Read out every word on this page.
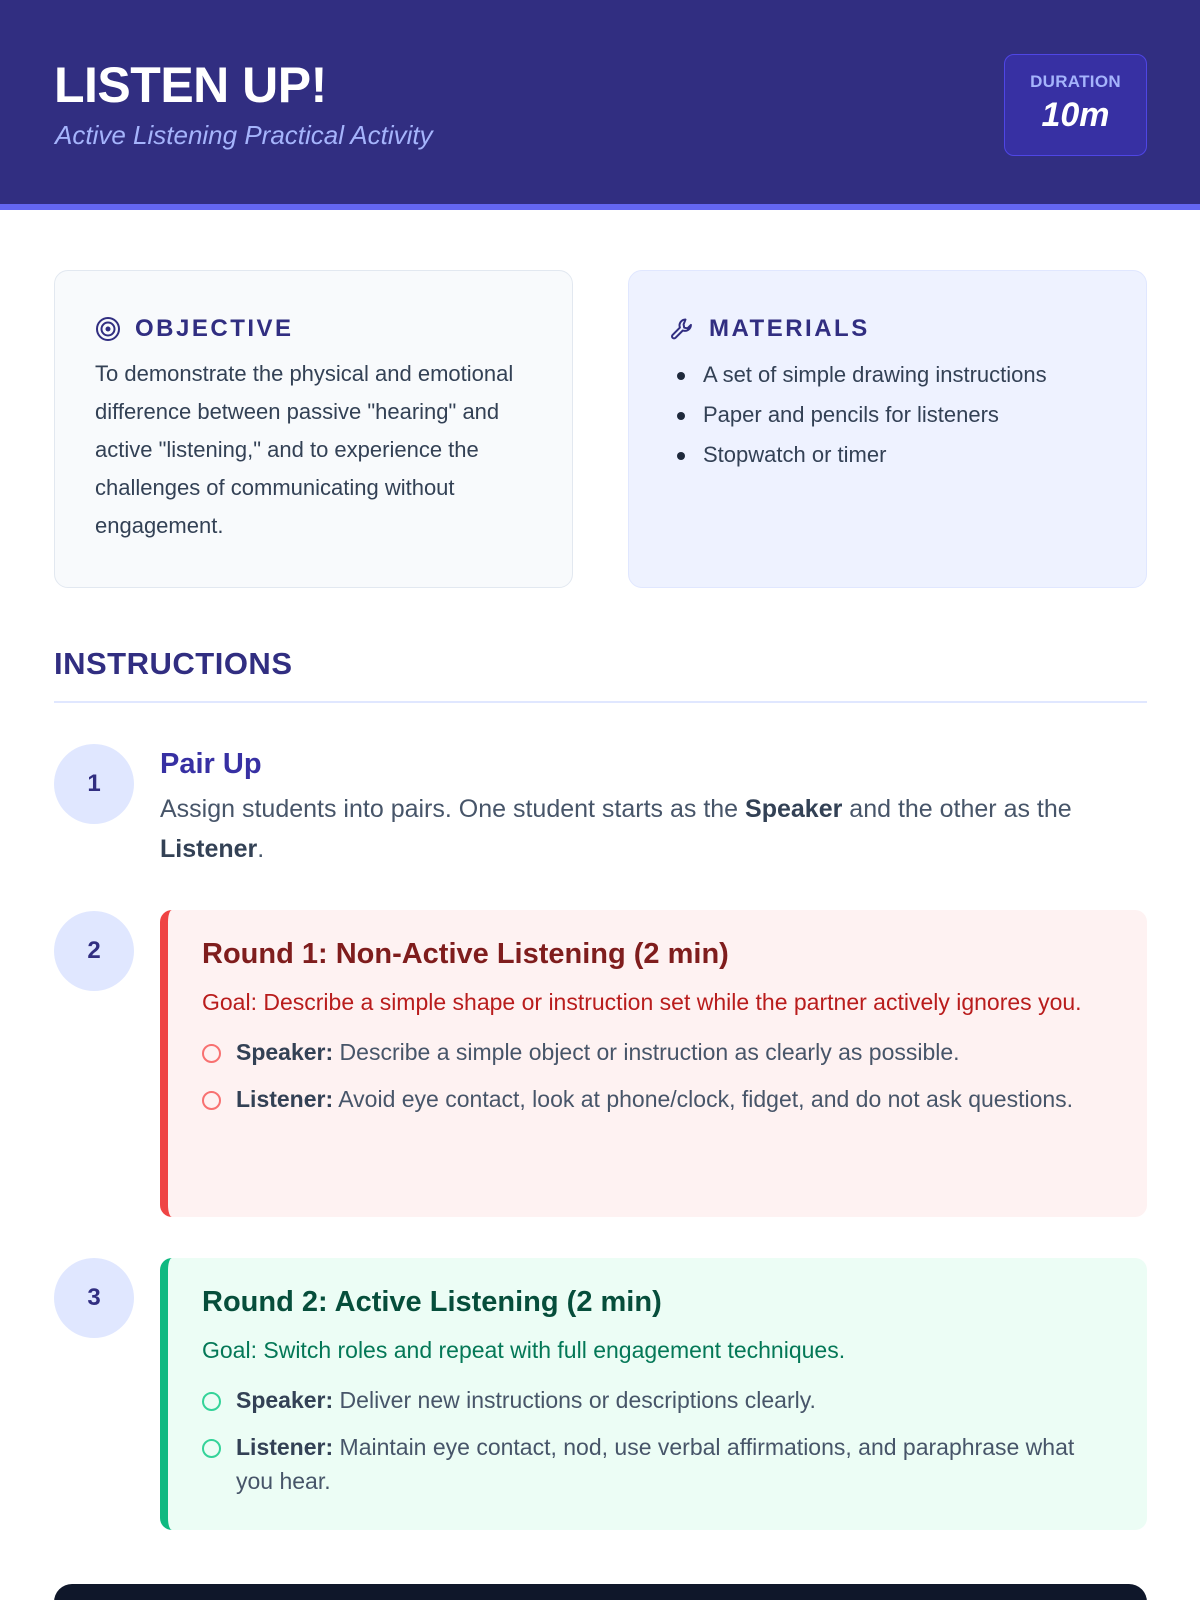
LISTEN UP!
Active Listening Practical Activity
DURATION
10m
OBJECTIVE

To demonstrate the physical and emotional difference between passive "hearing" and active "listening," and to experience the challenges of communicating without engagement.

MATERIALS
A set of simple drawing instructions
Paper and pencils for listeners
Stopwatch or timer
INSTRUCTIONS
1
Pair Up
Assign students into pairs. One student starts as the Speaker and the other as the Listener.
2	Round 1: Non-Active Listening (2 min)
Goal: Describe a simple shape or instruction set while the partner actively ignores you.
Speaker: Describe a simple object or instruction as clearly as possible.
Listener: Avoid eye contact, look at phone/clock, fidget, and do not ask questions.
3	Round 2: Active Listening (2 min)
Goal: Switch roles and repeat with full engagement techniques.
Speaker: Deliver new instructions or descriptions clearly.
Listener: Maintain eye contact, nod, use verbal affirmations, and paraphrase what you hear.
